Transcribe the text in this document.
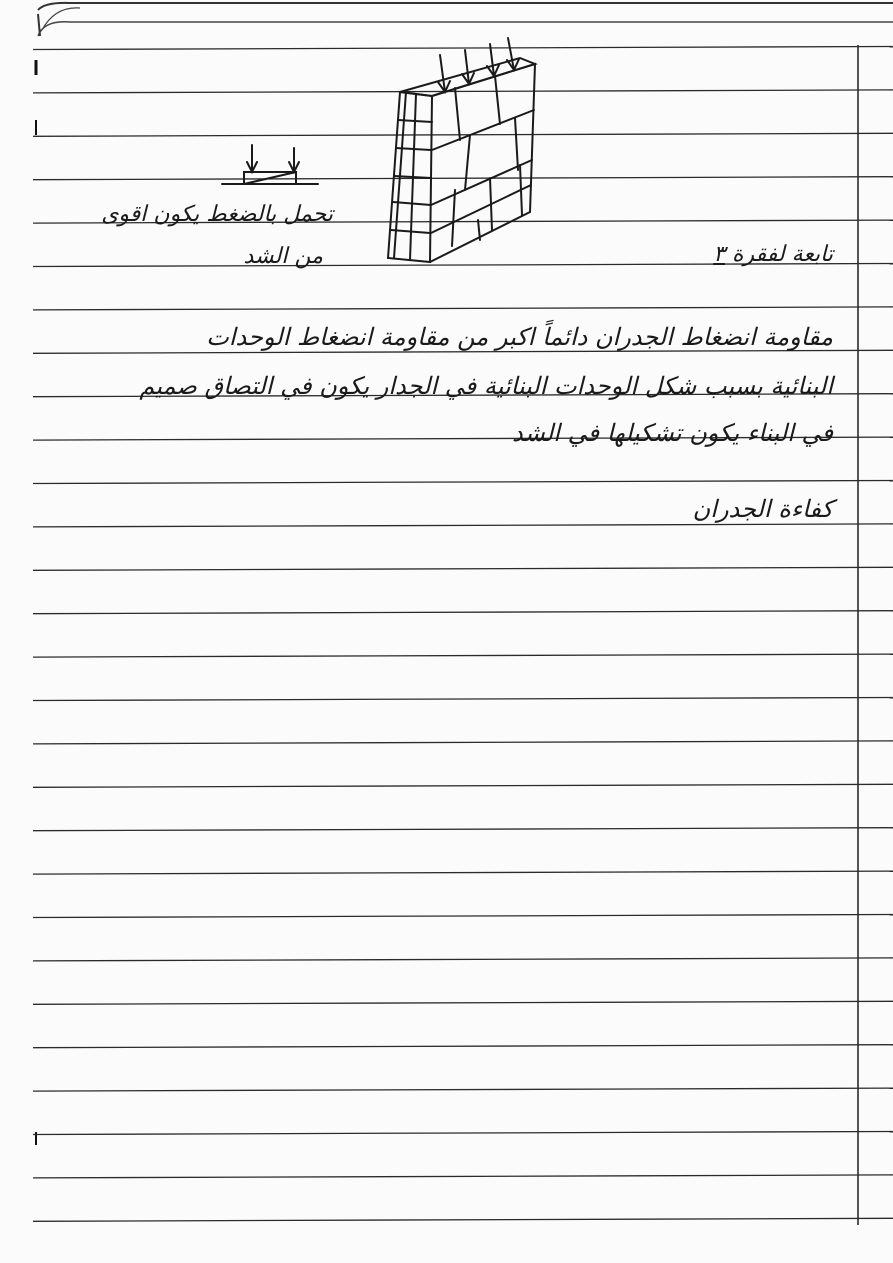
تحمل بالضغط يكون اقوى
من الشد	تابعة لفقرة ٣
مقاومة انضغاط الجدران دائماً اكبر من مقاومة انضغاط الوحدات
البنائية بسبب شكل الوحدات البنائية في الجدار يكون في التصاق صميم
في البناء يكون تشكيلها في الشد
كفاءة الجدران
